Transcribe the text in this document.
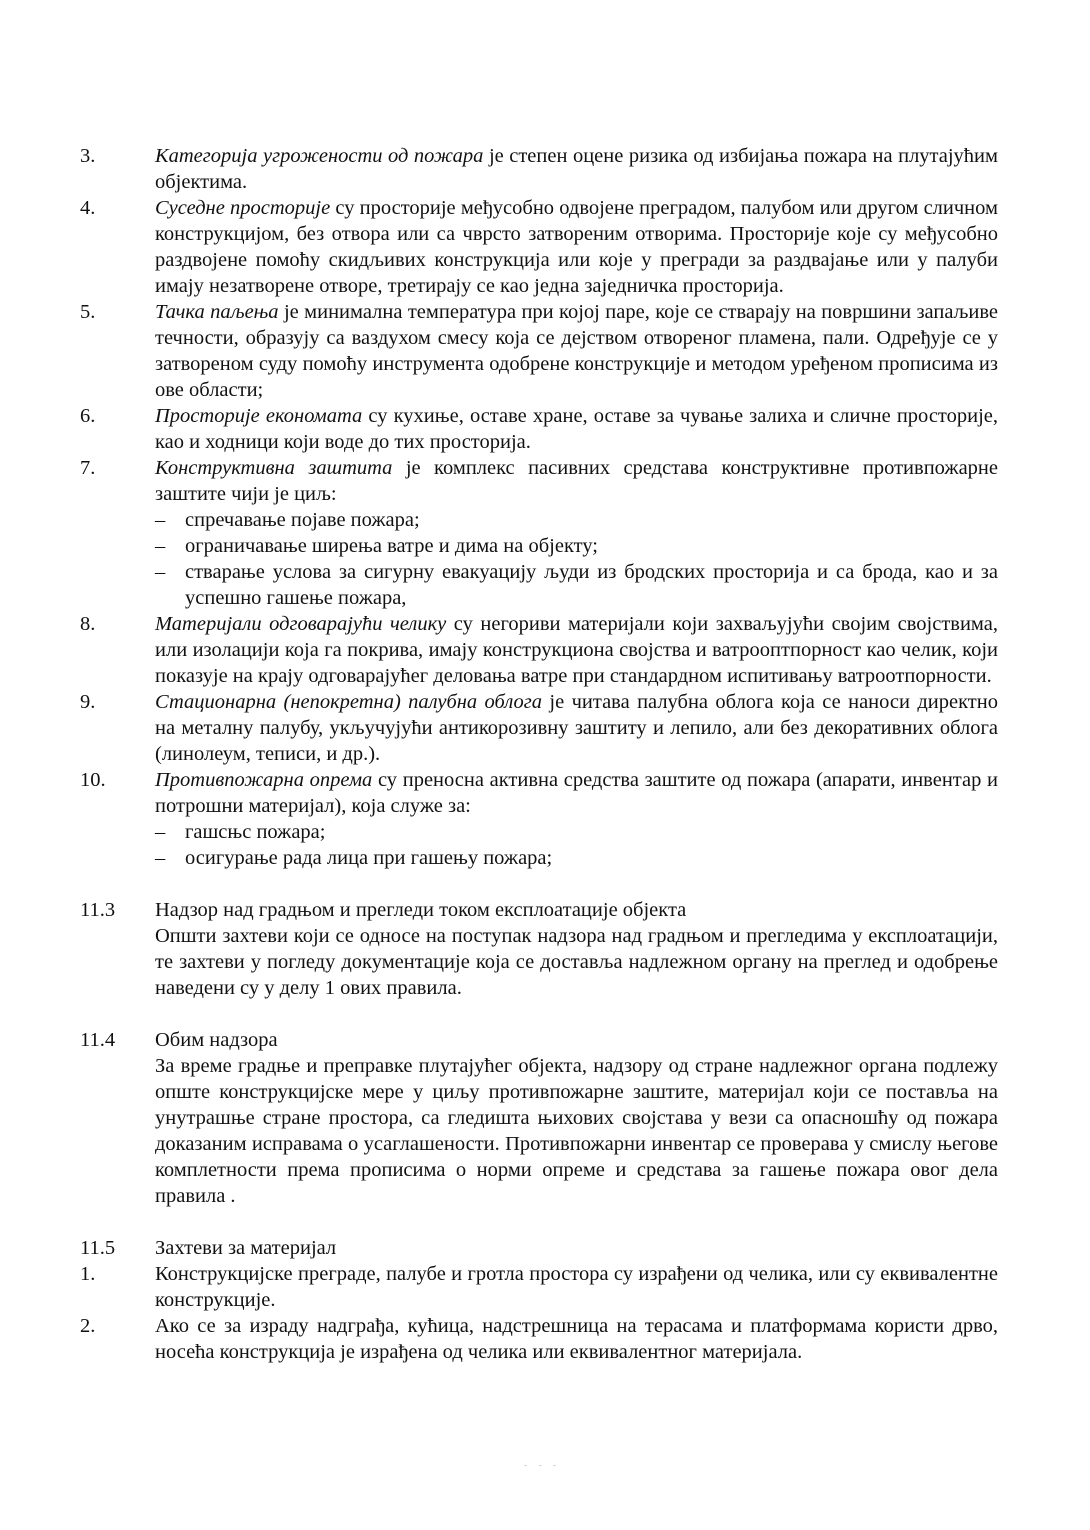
3.	Категорија угрожености од пожара је степен оцене ризика од избијања пожара на плутајућим објектима.
4.	Суседне просторије су просторије међусобно одвојене преградом, палубом или другом сличном конструкцијом, без отвора или са чврсто затвореним отворима. Просторије које су међусобно раздвојене помоћу скидљивих конструкција или које у прегради за раздвајање или у палуби имају незатворене отворе, третирају се као једна заједничка просторија.
5.	Тачка паљења је минимална температура при којој паре, које се стварају на површини запаљиве течности, образују са ваздухом смесу која се дејством отвореног пламена, пали. Одређује се у затвореном суду помоћу инструмента одобрене конструкције и методом уређеном прописима из ове области;
6.	Просторије економата су кухиње, оставе хране, оставе за чување залиха и сличне просторије, као и ходници који воде до тих просторија.
7.	Конструктивна заштита је комплекс пасивних средстава конструктивне противпожарне заштите чији је циљ:
– спречавање појаве пожара;
– ограничавање ширења ватре и дима на објекту;
– стварање услова за сигурну евакуацију људи из бродских просторија и са брода, као и за успешно гашење пожара,
8.	Материјали одговарајући челику су негориви материјали који захваљујући својим својствима, или изолацији која га покрива, имају конструкциона својства и ватрооптпорност као челик, који показује на крају одговарајућег деловања ватре при стандардном испитивању ватроотпорности.
9.	Стационарна (непокретна) палубна облога је читава палубна облога која се наноси директно на металну палубу, укључујући антикорозивну заштиту и лепило, али без декоративних облога (линолеум, теписи, и др.).
10.	Противпожарна опрема су преносна активна средства заштите од пожара (апарати, инвентар и потрошни материјал), која служе за:
– гашсњс пожара;
– осигурање рада лица при гашењу пожара;
11.3	Надзор над градњом и прегледи током експлоатације објекта
Општи захтеви који се односе на поступак надзора над градњом и прегледима у експлоатацији, те захтеви у погледу документације која се доставља надлежном органу на преглед и одобрење наведени су у делу 1 ових правила.
11.4	Обим надзора
За време градње и преправке плутајућег објекта, надзору од стране надлежног органа подлежу опште конструкцијске мере у циљу противпожарне заштите, материјал који се поставља на унутрашње стране простора, са гледишта њихових својстава у вези са опасношћу од пожара доказаним исправама о усаглашености. Противпожарни инвентар се проверава у смислу његове комплетности према прописима о норми опреме и средстава за гашење пожара овог дела правила .
11.5	Захтеви за материјал
1.	Конструкцијске преграде, палубе и гротла простора су израђени од челика, или су еквивалентне конструкције.
2.	Ако се за израду надграђа, кућица, надстрешница на терасама и платформама користи дрво, носећа конструкција је израђена од челика или еквивалентног материјала.
